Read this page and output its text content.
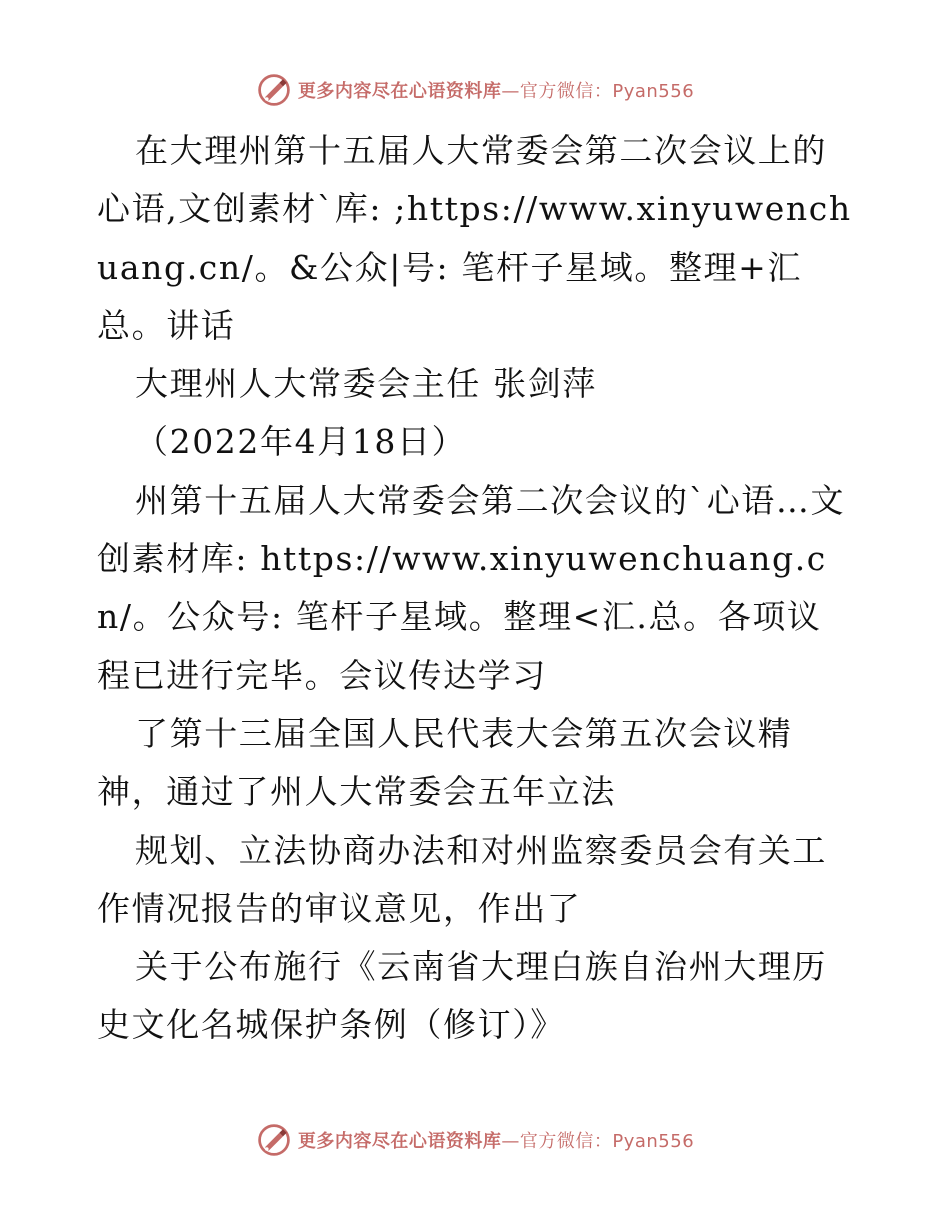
更多内容尽在心语资料库—官方微信：Pyan556

在大理州第十五届人大常委会第二次会议上的心语,文创素材`库: ;https://www.xinyuwenchuang.cn/。&公众|号: 笔杆子星域。整理+汇总。讲话

大理州人大常委会主任 张剑萍

（2022年4月18日）

州第十五届人大常委会第二次会议的`心语…文创素材库: https://www.xinyuwenchuang.cn/。公众号: 笔杆子星域。整理<汇.总。各项议程已进行完毕。会议传达学习

了第十三届全国人民代表大会第五次会议精神，通过了州人大常委会五年立法

规划、立法协商办法和对州监察委员会有关工作情况报告的审议意见，作出了

关于公布施行《云南省大理白族自治州大理历史文化名城保护条例（修订）》

更多内容尽在心语资料库—官方微信：Pyan556
